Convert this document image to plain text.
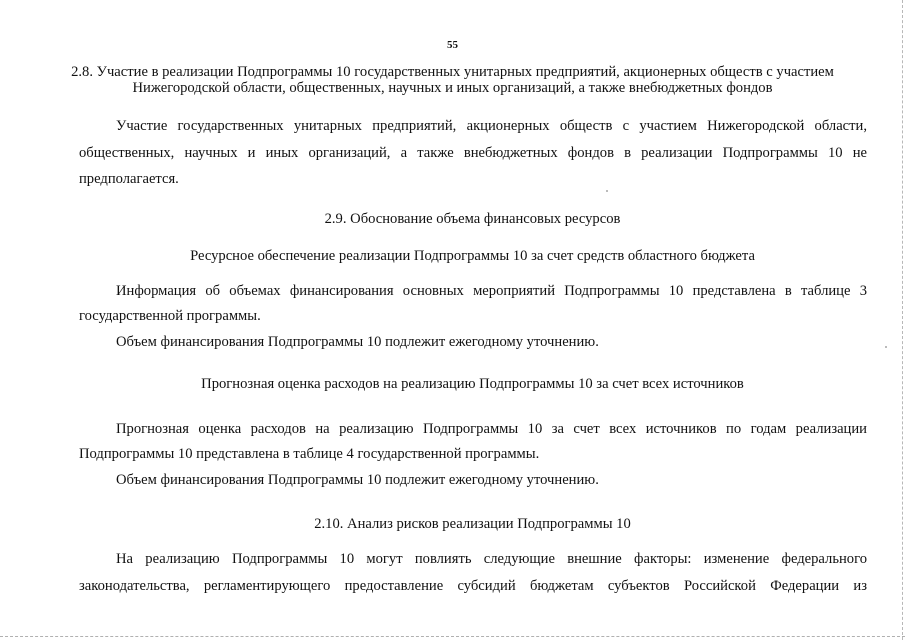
55
2.8. Участие в реализации Подпрограммы 10 государственных унитарных предприятий, акционерных обществ с участием
Нижегородской области, общественных, научных и иных организаций, а также внебюджетных фондов
Участие государственных унитарных предприятий, акционерных обществ с участием Нижегородской области,
общественных, научных и иных организаций, а также внебюджетных фондов в реализации Подпрограммы 10 не
предполагается.
2.9. Обоснование объема финансовых ресурсов
Ресурсное обеспечение реализации Подпрограммы 10 за счет средств областного бюджета
Информация об объемах финансирования основных мероприятий Подпрограммы 10 представлена в таблице 3
государственной программы.
Объем финансирования Подпрограммы 10 подлежит ежегодному уточнению.
Прогнозная оценка расходов на реализацию Подпрограммы 10 за счет всех источников
Прогнозная оценка расходов на реализацию Подпрограммы 10 за счет всех источников по годам реализации
Подпрограммы 10 представлена в таблице 4 государственной программы.
Объем финансирования Подпрограммы 10 подлежит ежегодному уточнению.
2.10. Анализ рисков реализации Подпрограммы 10
На реализацию Подпрограммы 10 могут повлиять следующие внешние факторы: изменение федерального
законодательства, регламентирующего предоставление субсидий бюджетам субъектов Российской Федерации из
